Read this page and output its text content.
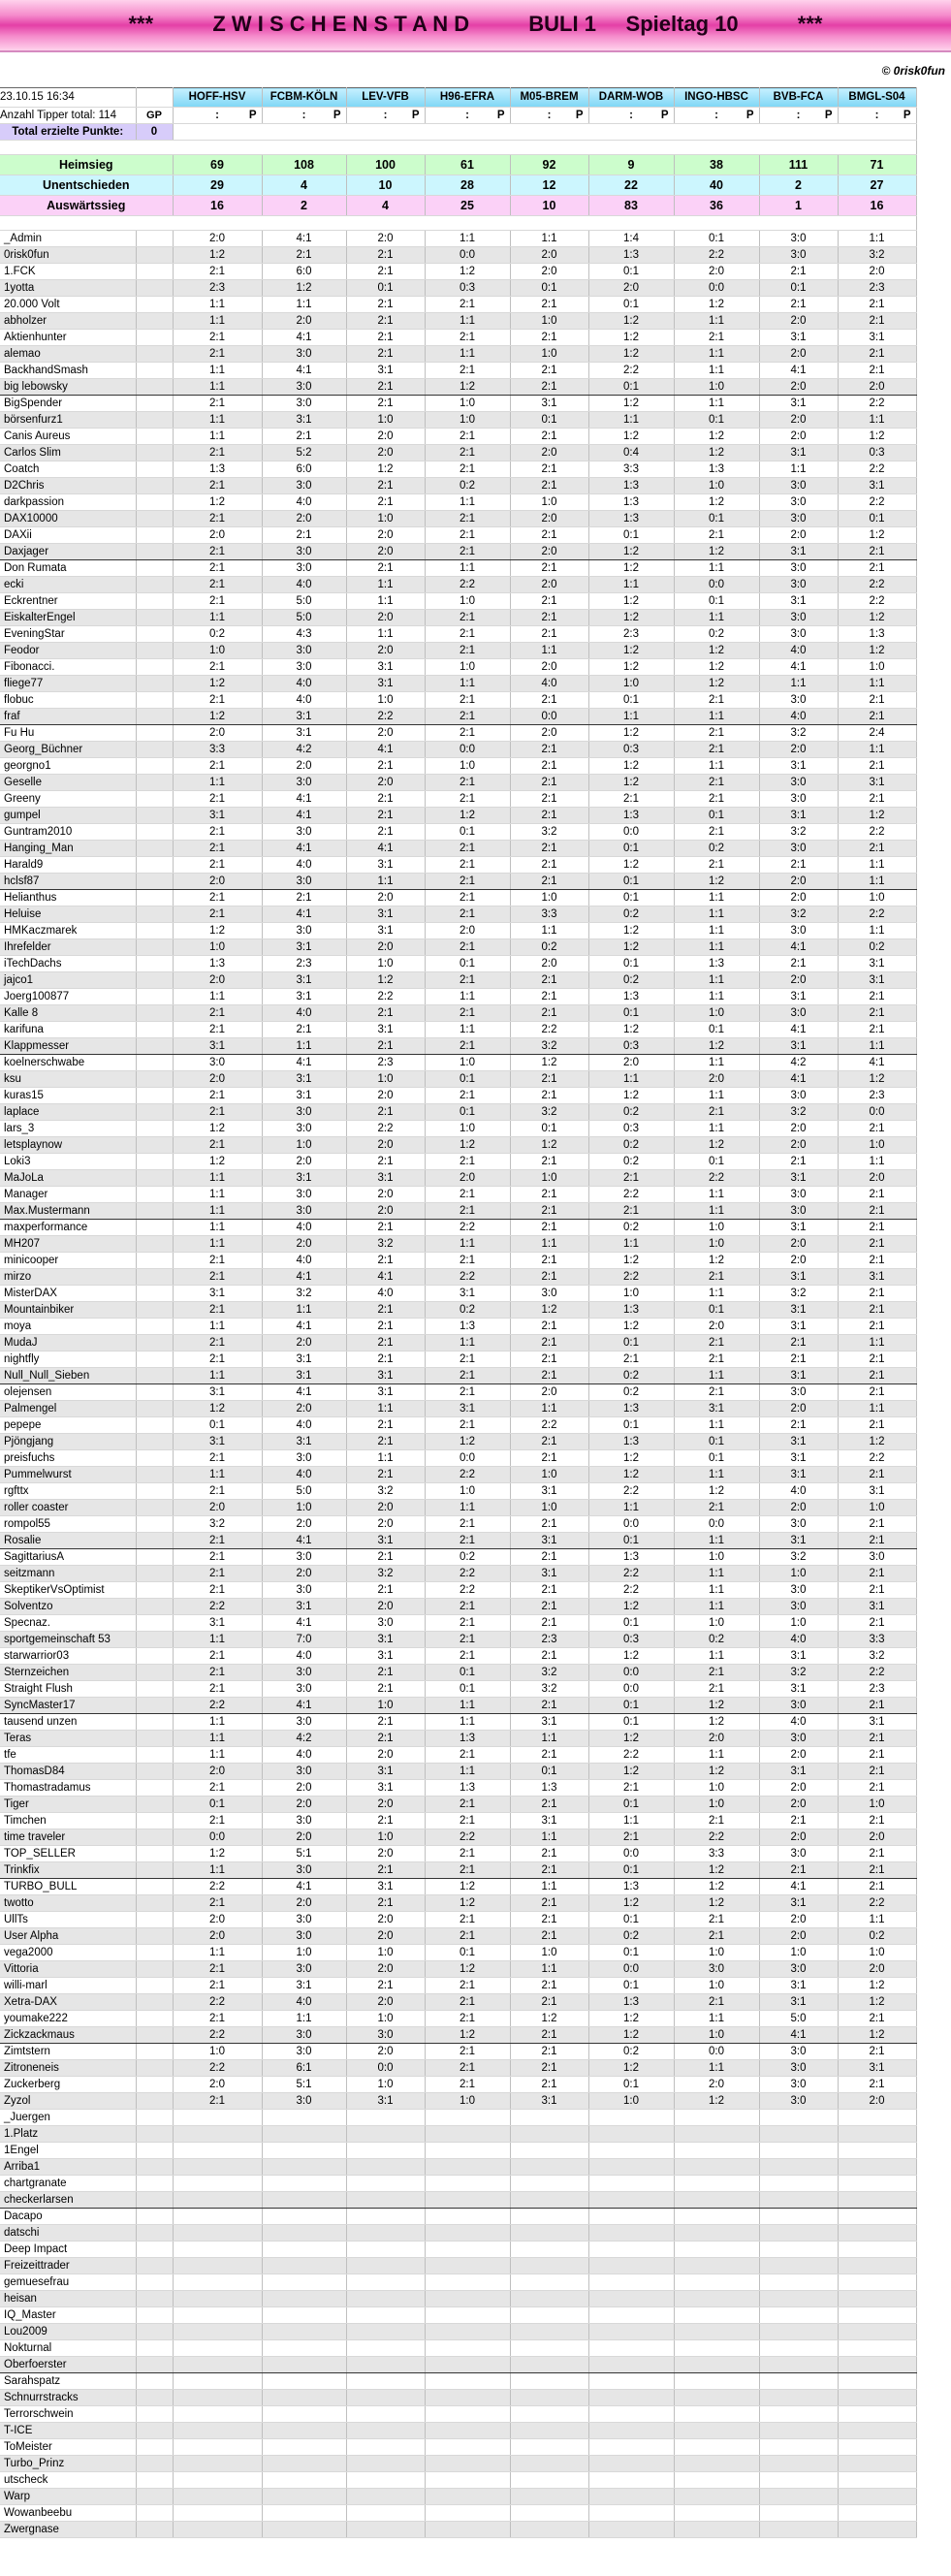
***	Z W I S C H E N S T A N D	BULI 1 Spieltag 10	***
© 0risk0fun
23.10.15 16:34		HOFF-HSV	FCBM-KÖLN	LEV-VFB	H96-EFRA	M05-BREM	DARM-WOB	INGO-HBSC	BVB-FCA	BMGL-S04
Anzahl Tipper total: 114	GP	: P	: P	: P	: P	: P	: P	: P	: P	: P

Total erzielte Punkte:	0									

Heimsieg		69	108	100	61	92	9	38	111	71
Unentschieden		29	4	10	28	12	22	40	2	27
Auswärtssieg		16	2	4	25	10	83	36	1	16

_Admin		2:0	4:1	2:0	1:1	1:1	1:4	0:1	3:0	1:1
0risk0fun		1:2	2:1	2:1	0:0	2:0	1:3	2:2	3:0	3:2
1.FCK		2:1	6:0	2:1	1:2	2:0	0:1	2:0	2:1	2:0
1yotta		2:3	1:2	0:1	0:3	0:1	2:0	0:0	0:1	2:3
20.000 Volt		1:1	1:1	2:1	2:1	2:1	0:1	1:2	2:1	2:1
abholzer		1:1	2:0	2:1	1:1	1:0	1:2	1:1	2:0	2:1
Aktienhunter		2:1	4:1	2:1	2:1	2:1	1:2	2:1	3:1	3:1
alemao		2:1	3:0	2:1	1:1	1:0	1:2	1:1	2:0	2:1
BackhandSmash		1:1	4:1	3:1	2:1	2:1	2:2	1:1	4:1	2:1
big lebowsky		1:1	3:0	2:1	1:2	2:1	0:1	1:0	2:0	2:0
BigSpender		2:1	3:0	2:1	1:0	3:1	1:2	1:1	3:1	2:2
börsenfurz1		1:1	3:1	1:0	1:0	0:1	1:1	0:1	2:0	1:1
Canis Aureus		1:1	2:1	2:0	2:1	2:1	1:2	1:2	2:0	1:2
Carlos Slim		2:1	5:2	2:0	2:1	2:0	0:4	1:2	3:1	0:3
Coatch		1:3	6:0	1:2	2:1	2:1	3:3	1:3	1:1	2:2
D2Chris		2:1	3:0	2:1	0:2	2:1	1:3	1:0	3:0	3:1
darkpassion		1:2	4:0	2:1	1:1	1:0	1:3	1:2	3:0	2:2
DAX10000		2:1	2:0	1:0	2:1	2:0	1:3	0:1	3:0	0:1
DAXii		2:0	2:1	2:0	2:1	2:1	0:1	2:1	2:0	1:2
Daxjager		2:1	3:0	2:0	2:1	2:0	1:2	1:2	3:1	2:1
Don Rumata		2:1	3:0	2:1	1:1	2:1	1:2	1:1	3:0	2:1
ecki		2:1	4:0	1:1	2:2	2:0	1:1	0:0	3:0	2:2
Eckrentner		2:1	5:0	1:1	1:0	2:1	1:2	0:1	3:1	2:2
EiskalterEngel		1:1	5:0	2:0	2:1	2:1	1:2	1:1	3:0	1:2
EveningStar		0:2	4:3	1:1	2:1	2:1	2:3	0:2	3:0	1:3
Feodor		1:0	3:0	2:0	2:1	1:1	1:2	1:2	4:0	1:2
Fibonacci.		2:1	3:0	3:1	1:0	2:0	1:2	1:2	4:1	1:0
fliege77		1:2	4:0	3:1	1:1	4:0	1:0	1:2	1:1	1:1
flobuc		2:1	4:0	1:0	2:1	2:1	0:1	2:1	3:0	2:1
fraf		1:2	3:1	2:2	2:1	0:0	1:1	1:1	4:0	2:1
Fu Hu		2:0	3:1	2:0	2:1	2:0	1:2	2:1	3:2	2:4
Georg_Büchner		3:3	4:2	4:1	0:0	2:1	0:3	2:1	2:0	1:1
georgno1		2:1	2:0	2:1	1:0	2:1	1:2	1:1	3:1	2:1
Geselle		1:1	3:0	2:0	2:1	2:1	1:2	2:1	3:0	3:1
Greeny		2:1	4:1	2:1	2:1	2:1	2:1	2:1	3:0	2:1
gumpel		3:1	4:1	2:1	1:2	2:1	1:3	0:1	3:1	1:2
Guntram2010		2:1	3:0	2:1	0:1	3:2	0:0	2:1	3:2	2:2
Hanging_Man		2:1	4:1	4:1	2:1	2:1	0:1	0:2	3:0	2:1
Harald9		2:1	4:0	3:1	2:1	2:1	1:2	2:1	2:1	1:1
hclsf87		2:0	3:0	1:1	2:1	2:1	0:1	1:2	2:0	1:1
Helianthus		2:1	2:1	2:0	2:1	1:0	0:1	1:1	2:0	1:0
Heluise		2:1	4:1	3:1	2:1	3:3	0:2	1:1	3:2	2:2
HMKaczmarek		1:2	3:0	3:1	2:0	1:1	1:2	1:1	3:0	1:1
Ihrefelder		1:0	3:1	2:0	2:1	0:2	1:2	1:1	4:1	0:2
iTechDachs		1:3	2:3	1:0	0:1	2:0	0:1	1:3	2:1	3:1
jajco1		2:0	3:1	1:2	2:1	2:1	0:2	1:1	2:0	3:1
Joerg100877		1:1	3:1	2:2	1:1	2:1	1:3	1:1	3:1	2:1
Kalle 8		2:1	4:0	2:1	2:1	2:1	0:1	1:0	3:0	2:1
karifuna		2:1	2:1	3:1	1:1	2:2	1:2	0:1	4:1	2:1
Klappmesser		3:1	1:1	2:1	2:1	3:2	0:3	1:2	3:1	1:1
koelnerschwabe		3:0	4:1	2:3	1:0	1:2	2:0	1:1	4:2	4:1
ksu		2:0	3:1	1:0	0:1	2:1	1:1	2:0	4:1	1:2
kuras15		2:1	3:1	2:0	2:1	2:1	1:2	1:1	3:0	2:3
laplace		2:1	3:0	2:1	0:1	3:2	0:2	2:1	3:2	0:0
lars_3		1:2	3:0	2:2	1:0	0:1	0:3	1:1	2:0	2:1
letsplaynow		2:1	1:0	2:0	1:2	1:2	0:2	1:2	2:0	1:0
Loki3		1:2	2:0	2:1	2:1	2:1	0:2	0:1	2:1	1:1
MaJoLa		1:1	3:1	3:1	2:0	1:0	2:1	2:2	3:1	2:0
Manager		1:1	3:0	2:0	2:1	2:1	2:2	1:1	3:0	2:1
Max.Mustermann		1:1	3:0	2:0	2:1	2:1	2:1	1:1	3:0	2:1
maxperformance		1:1	4:0	2:1	2:2	2:1	0:2	1:0	3:1	2:1
MH207		1:1	2:0	3:2	1:1	1:1	1:1	1:0	2:0	2:1
minicooper		2:1	4:0	2:1	2:1	2:1	1:2	1:2	2:0	2:1
mirzo		2:1	4:1	4:1	2:2	2:1	2:2	2:1	3:1	3:1
MisterDAX		3:1	3:2	4:0	3:1	3:0	1:0	1:1	3:2	2:1
Mountainbiker		2:1	1:1	2:1	0:2	1:2	1:3	0:1	3:1	2:1
moya		1:1	4:1	2:1	1:3	2:1	1:2	2:0	3:1	2:1
MudaJ		2:1	2:0	2:1	1:1	2:1	0:1	2:1	2:1	1:1
nightfly		2:1	3:1	2:1	2:1	2:1	2:1	2:1	2:1	2:1
Null_Null_Sieben		1:1	3:1	3:1	2:1	2:1	0:2	1:1	3:1	2:1
olejensen		3:1	4:1	3:1	2:1	2:0	0:2	2:1	3:0	2:1
Palmengel		1:2	2:0	1:1	3:1	1:1	1:3	3:1	2:0	1:1
pepepe		0:1	4:0	2:1	2:1	2:2	0:1	1:1	2:1	2:1
Pjöngjang		3:1	3:1	2:1	1:2	2:1	1:3	0:1	3:1	1:2
preisfuchs		2:1	3:0	1:1	0:0	2:1	1:2	0:1	3:1	2:2
Pummelwurst		1:1	4:0	2:1	2:2	1:0	1:2	1:1	3:1	2:1
rgfttx		2:1	5:0	3:2	1:0	3:1	2:2	1:2	4:0	3:1
roller coaster		2:0	1:0	2:0	1:1	1:0	1:1	2:1	2:0	1:0
rompol55		3:2	2:0	2:0	2:1	2:1	0:0	0:0	3:0	2:1
Rosalie		2:1	4:1	3:1	2:1	3:1	0:1	1:1	3:1	2:1
SagittariusA		2:1	3:0	2:1	0:2	2:1	1:3	1:0	3:2	3:0
seitzmann		2:1	2:0	3:2	2:2	3:1	2:2	1:1	1:0	2:1
SkeptikerVsOptimist		2:1	3:0	2:1	2:2	2:1	2:2	1:1	3:0	2:1
Solventzo		2:2	3:1	2:0	2:1	2:1	1:2	1:1	3:0	3:1
Specnaz.		3:1	4:1	3:0	2:1	2:1	0:1	1:0	1:0	2:1
sportgemeinschaft 53		1:1	7:0	3:1	2:1	2:3	0:3	0:2	4:0	3:3
starwarrior03		2:1	4:0	3:1	2:1	2:1	1:2	1:1	3:1	3:2
Sternzeichen		2:1	3:0	2:1	0:1	3:2	0:0	2:1	3:2	2:2
Straight Flush		2:1	3:0	2:1	0:1	3:2	0:0	2:1	3:1	2:3
SyncMaster17		2:2	4:1	1:0	1:1	2:1	0:1	1:2	3:0	2:1
tausend unzen		1:1	3:0	2:1	1:1	3:1	0:1	1:2	4:0	3:1
Teras		1:1	4:2	2:1	1:3	1:1	1:2	2:0	3:0	2:1
tfe		1:1	4:0	2:0	2:1	2:1	2:2	1:1	2:0	2:1
ThomasD84		2:0	3:0	3:1	1:1	0:1	1:2	1:2	3:1	2:1
Thomastradamus		2:1	2:0	3:1	1:3	1:3	2:1	1:0	2:0	2:1
Tiger		0:1	2:0	2:0	2:1	2:1	0:1	1:0	2:0	1:0
Timchen		2:1	3:0	2:1	2:1	3:1	1:1	2:1	2:1	2:1
time traveler		0:0	2:0	1:0	2:2	1:1	2:1	2:2	2:0	2:0
TOP_SELLER		1:2	5:1	2:0	2:1	2:1	0:0	3:3	3:0	2:1
Trinkfix		1:1	3:0	2:1	2:1	2:1	0:1	1:2	2:1	2:1
TURBO_BULL		2:2	4:1	3:1	1:2	1:1	1:3	1:2	4:1	2:1
twotto		2:1	2:0	2:1	1:2	2:1	1:2	1:2	3:1	2:2
UllTs		2:0	3:0	2:0	2:1	2:1	0:1	2:1	2:0	1:1
User Alpha		2:0	3:0	2:0	2:1	2:1	0:2	2:1	2:0	0:2
vega2000		1:1	1:0	1:0	0:1	1:0	0:1	1:0	1:0	1:0
Vittoria		2:1	3:0	2:0	1:2	1:1	0:0	3:0	3:0	2:0
willi-marl		2:1	3:1	2:1	2:1	2:1	0:1	1:0	3:1	1:2
Xetra-DAX		2:2	4:0	2:0	2:1	2:1	1:3	2:1	3:1	1:2
youmake222		2:1	1:1	1:0	2:1	1:2	1:2	1:1	5:0	2:1
Zickzackmaus		2:2	3:0	3:0	1:2	2:1	1:2	1:0	4:1	1:2
Zimtstern		1:0	3:0	2:0	2:1	2:1	0:2	0:0	3:0	2:1
Zitroneneis		2:2	6:1	0:0	2:1	2:1	1:2	1:1	3:0	3:1
Zuckerberg		2:0	5:1	1:0	2:1	2:1	0:1	2:0	3:0	2:1
Zyzol		2:1	3:0	3:1	1:0	3:1	1:0	1:2	3:0	2:0
_Juergen										
1.Platz										
1Engel										
Arriba1										
chartgranate										
checkerlarsen										
Dacapo										
datschi										
Deep Impact										
Freizeittrader										
gemuesefrau										
heisan										
IQ_Master										
Lou2009										
Nokturnal										
Oberfoerster										
Sarahspatz										
Schnurrstracks										
Terrorschwein										
T-ICE										
ToMeister										
Turbo_Prinz										
utscheck										
Warp										
Wowanbeebu										
Zwergnase										
